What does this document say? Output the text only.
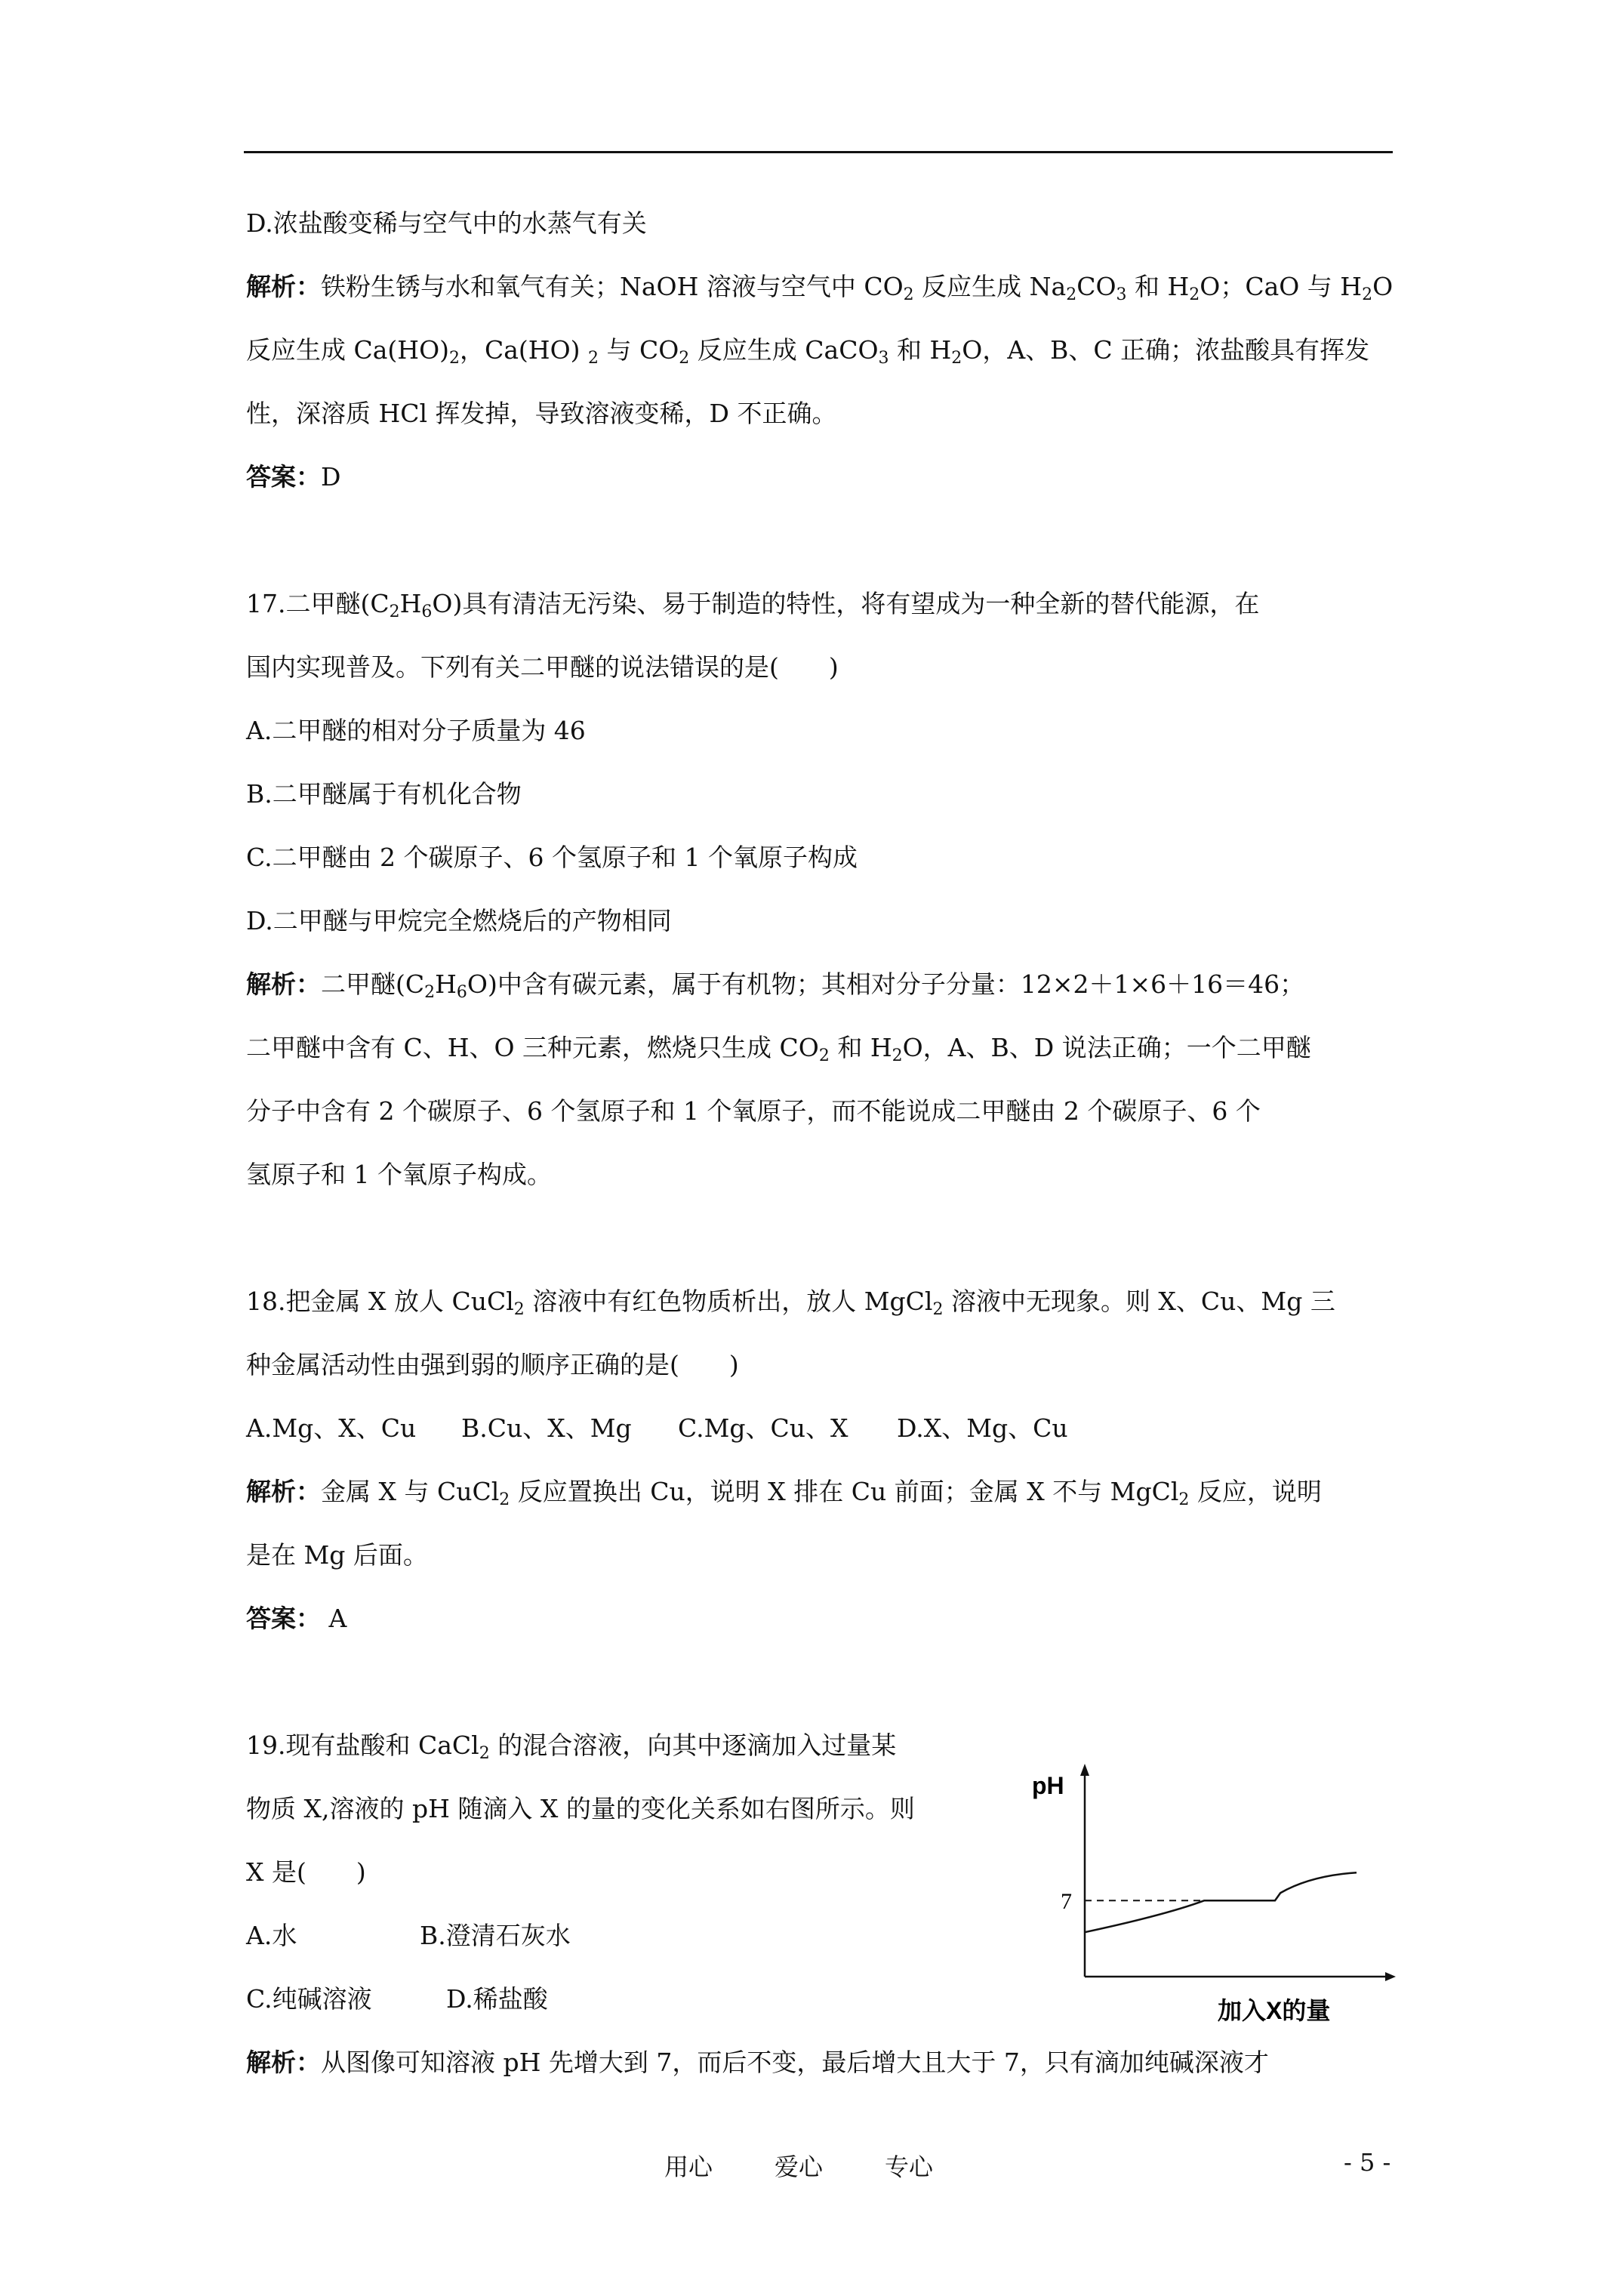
D.浓盐酸变稀与空气中的水蒸气有关
解析：铁粉生锈与水和氧气有关；NaOH 溶液与空气中 $CO_2$ 反应生成 $Na_2CO_3$ 和 $H_2O$；CaO 与 $H_2O$
反应生成 $Ca(HO)_2$，Ca(HO) $_2$ 与 $CO_2$ 反应生成 CaCO$_3$ 和 $H_2O$，A、B、C 正确；浓盐酸具有挥发
性，深溶质 HCl 挥发掉，导致溶液变稀，D 不正确。
答案：D
17.二甲醚$(C_2H_6O)$具有清洁无污染、易于制造的特性，将有望成为一种全新的替代能源，在
国内实现普及。下列有关二甲醚的说法错误的是(　　)
A.二甲醚的相对分子质量为 46
B.二甲醚属于有机化合物
C.二甲醚由 2 个碳原子、6 个氢原子和 1 个氧原子构成
D.二甲醚与甲烷完全燃烧后的产物相同
解析：二甲醚$(C_2H_6O)$中含有碳元素，属于有机物；其相对分子分量：12×2＋1×6＋16＝46；
二甲醚中含有 C、H、O 三种元素，燃烧只生成 $CO_2$ 和 $H_2O$，A、B、D 说法正确；一个二甲醚
分子中含有 2 个碳原子、6 个氢原子和 1 个氧原子，而不能说成二甲醚由 2 个碳原子、6 个
氢原子和 1 个氧原子构成。
18.把金属 X 放人 CuCl$_2$ 溶液中有红色物质析出，放人 MgCl$_2$ 溶液中无现象。则 X、Cu、Mg 三
种金属活动性由强到弱的顺序正确的是(　　)
A.Mg、X、Cu B.Cu、X、Mg C.Mg、Cu、X D.X、Mg、Cu
解析：金属 X 与 CuCl$_2$ 反应置换出 Cu，说明 X 排在 Cu 前面；金属 X 不与 MgCl$_2$ 反应，说明
是在 Mg 后面。
答案： A
19.现有盐酸和 CaCl$_2$ 的混合溶液，向其中逐滴加入过量某
物质 X,溶液的 pH 随滴入 X 的量的变化关系如右图所示。则
X 是(　　)
A.水	B.澄清石灰水
C.纯碱溶液	D.稀盐酸
解析：从图像可知溶液 pH 先增大到 7，而后不变，最后增大且大于 7，只有滴加纯碱深液才
pH
7
加入X的量
用心	爱心	专心	- 5 -
